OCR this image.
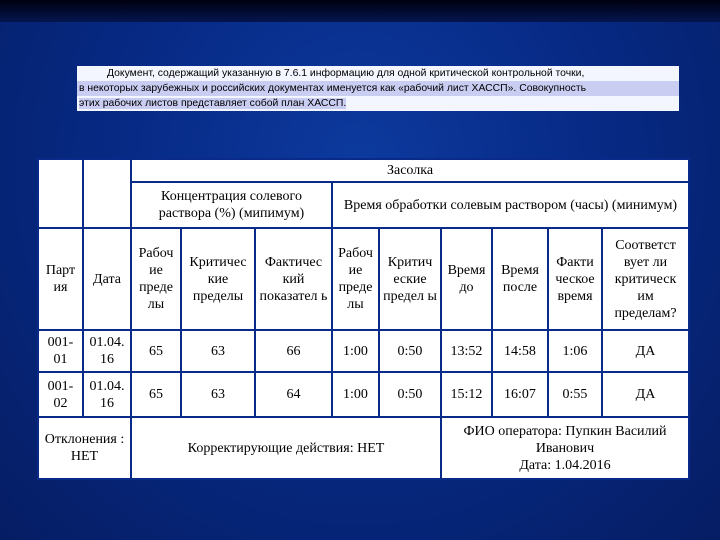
Документ, содержащий указанную в 7.6.1 информацию для одной критической контрольной точки,
в некоторых зарубежных и российских документах именуется как «рабочий лист ХАССП». Совокупность
этих рабочих листов представляет собой план ХАССП.
		Засолка								
		Концентрация солевого раствора (%) (мипимум)			Время обработки солевым раствором (часы) (минимум)					
Парт ия	Дата	Рабоч ие преде лы	Критичес кие пределы	Фактичес кий показател ь	Рабоч ие преде лы	Критич еские предел ы	Время до	Время после	Факти ческое время	Соответст вует ли критическ им пределам?
001- 01	01.04. 16	65	63	66	1:00	0:50	13:52	14:58	1:06	ДА
001- 02	01.04. 16	65	63	64	1:00	0:50	15:12	16:07	0:55	ДА
Отклонения : НЕТ		Корректирующие действия: НЕТ					ФИО оператора: Пупкин Василий Иванович
Дата: 1.04.2016			
